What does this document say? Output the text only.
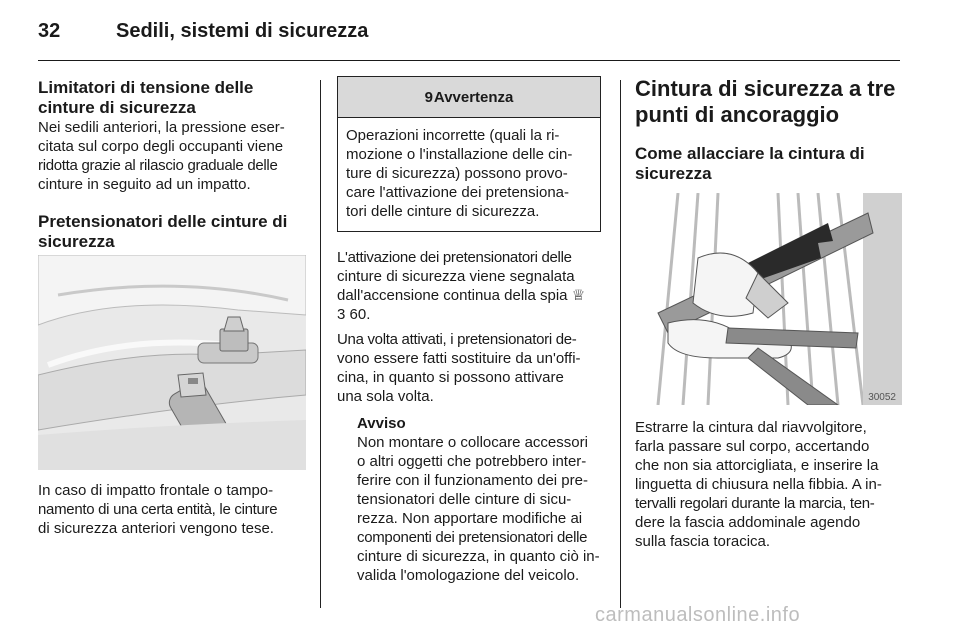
32	Sedili, sistemi di sicurezza

Limitatori di tensione delle
cinture di sicurezza

Nei sedili anteriori, la pressione eser-
citata sul corpo degli occupanti viene
ridotta grazie al rilascio graduale delle
cinture in seguito ad un impatto.

Pretensionatori delle cinture di
sicurezza

In caso di impatto frontale o tampo-
namento di una certa entità, le cinture
di sicurezza anteriori vengono tese.

9 Avvertenza
Operazioni incorrette (quali la ri-
mozione o l'installazione delle cin-
ture di sicurezza) possono provo-
care l'attivazione dei pretensiona-
tori delle cinture di sicurezza.

L'attivazione dei pretensionatori delle
cinture di sicurezza viene segnalata
dall'accensione continua della spia ♕
3 60.

Una volta attivati, i pretensionatori de-
vono essere fatti sostituire da un'offi-
cina, in quanto si possono attivare
una sola volta.

Avviso
Non montare o collocare accessori
o altri oggetti che potrebbero inter-
ferire con il funzionamento dei pre-
tensionatori delle cinture di sicu-
rezza. Non apportare modifiche ai
componenti dei pretensionatori delle
cinture di sicurezza, in quanto ciò in-
valida l'omologazione del veicolo.

Cintura di sicurezza a tre
punti di ancoraggio

Come allacciare la cintura di
sicurezza

30052

Estrarre la cintura dal riavvolgitore,
farla passare sul corpo, accertando
che non sia attorcigliata, e inserire la
linguetta di chiusura nella fibbia. A in-
tervalli regolari durante la marcia, ten-
dere la fascia addominale agendo
sulla fascia toracica.

carmanualsonline.info
